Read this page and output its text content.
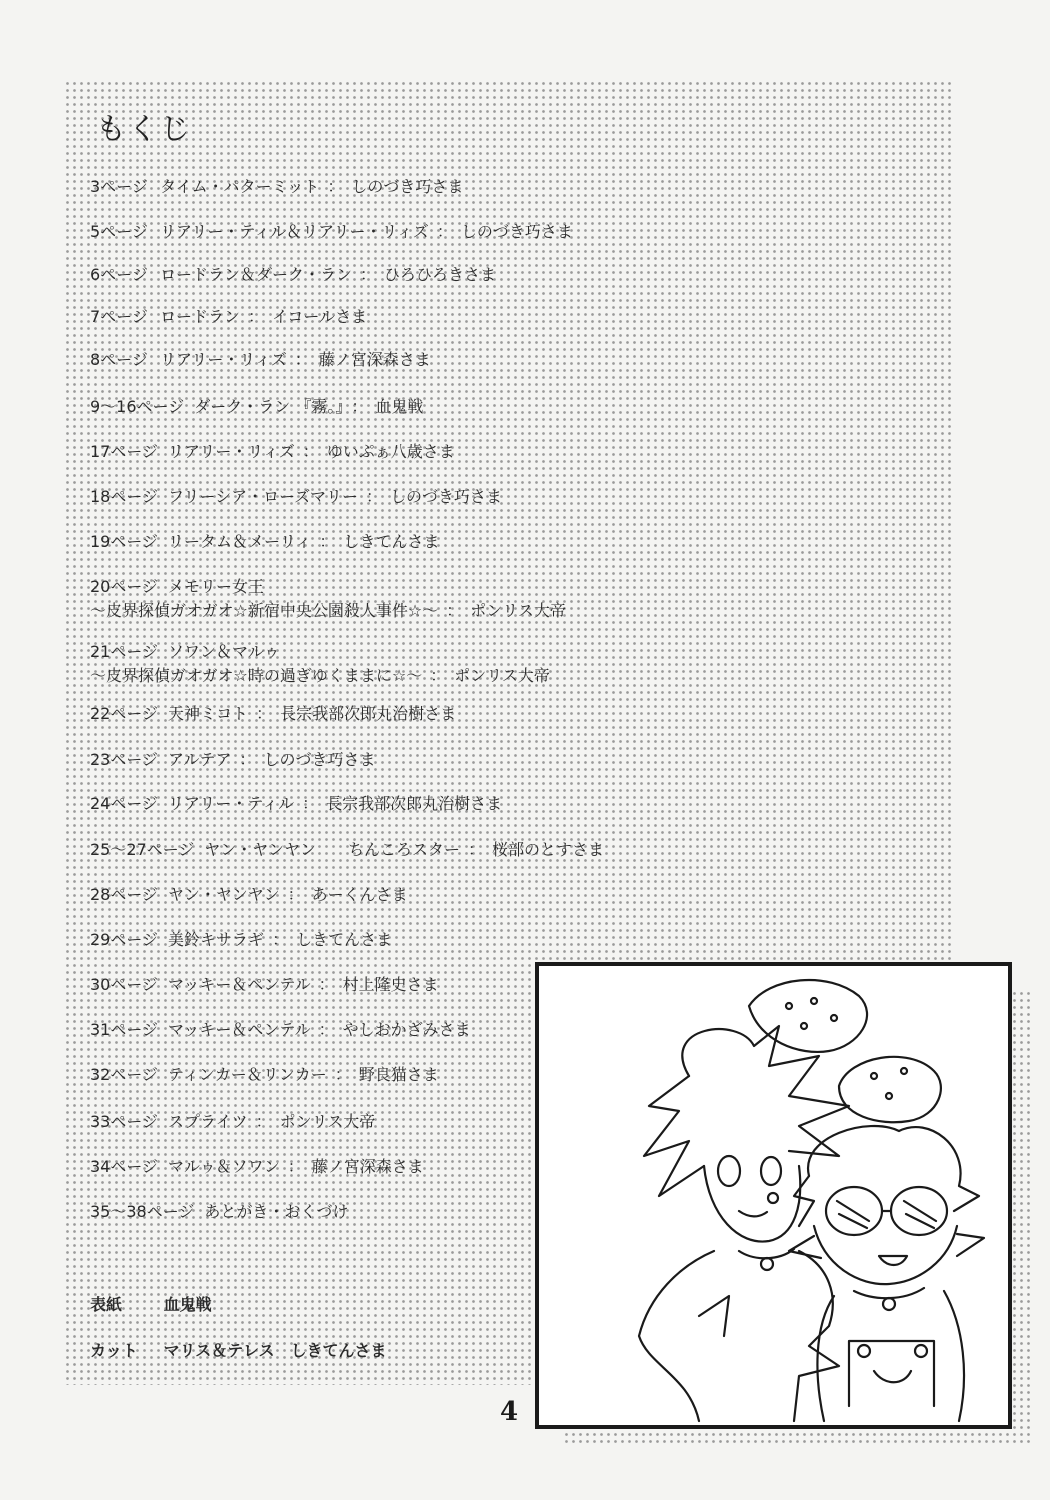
もくじ
3ページ タイム・パターミット ： しのづき巧さま
5ページ リアリー・ティル＆リアリー・リィズ ： しのづき巧さま
6ページ ロードラン＆ダーク・ラン ： ひろひろきさま
7ページ ロードラン ： イコールさま
8ページ リアリー・リィズ ： 藤ノ宮深森さま
9～16ページ ダーク・ラン 『霧。』 ： 血鬼戦
17ページ リアリー・リィズ ： ゆいぷぁ八歳さま
18ページ フリーシア・ローズマリー ： しのづき巧さま
19ページ リータム＆メーリィ ： しきてんさま
20ページ メモリー女王
～皮界探偵ガオガオ☆新宿中央公園殺人事件☆～ ： ポンリス大帝
21ページ ソワン＆マルゥ
～皮界探偵ガオガオ☆時の過ぎゆくままに☆～ ： ポンリス大帝
22ページ 天神ミコト ： 長宗我部次郎丸治樹さま
23ページ アルテア ： しのづき巧さま
24ページ リアリー・ティル ： 長宗我部次郎丸治樹さま
25～27ページ ヤン・ヤンヤン　 ちんころスター ： 桜部のとすさま
28ページ ヤン・ヤンヤン ： あーくんさま
29ページ 美鈴キサラギ ： しきてんさま
30ページ マッキー＆ペンテル ： 村上隆史さま
31ページ マッキー＆ペンテル ： やしおかざみさま
32ページ ティンカー＆リンカー ： 野良猫さま
33ページ スプライツ ： ポンリス大帝
34ページ マルゥ＆ソワン ： 藤ノ宮深森さま
35～38ページ あとがき・おくづけ
表紙	血鬼戦
カット マリス＆テレス　しきてんさま
4
